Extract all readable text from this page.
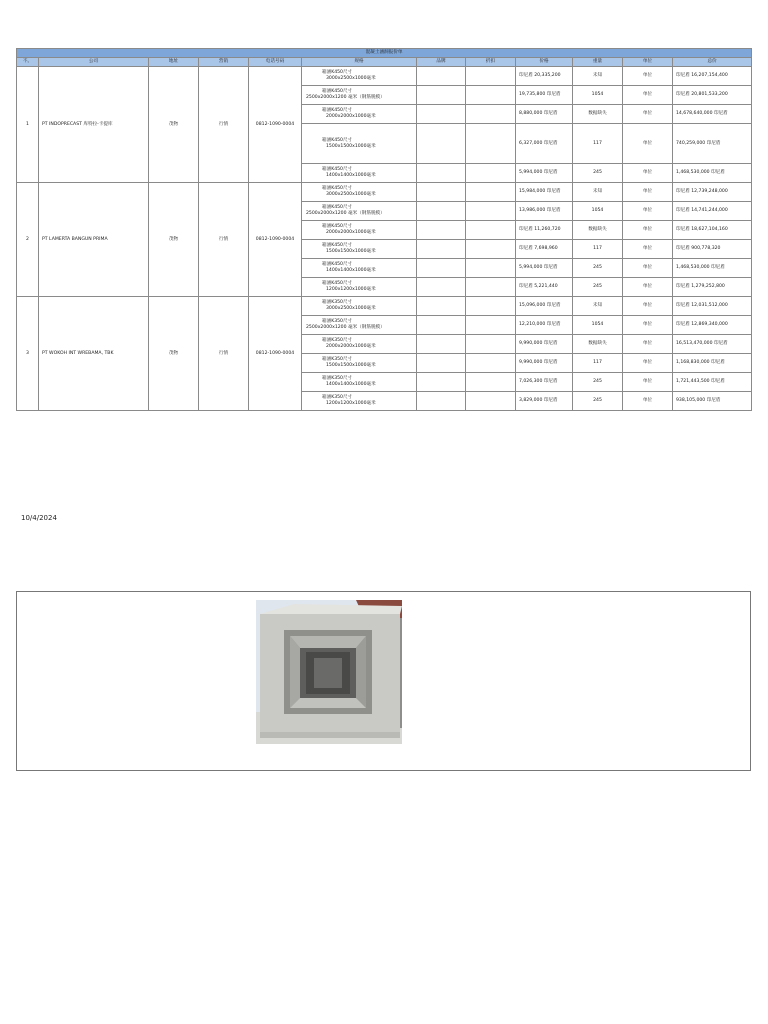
混凝土涵洞报价单											
不。	公司	地址	营销	电话号码	规格	品牌	折扣	价格	重量	单位	总价
1	PT INDOPRECAST 库特拉-卡提库	茂物	行情	0812-1090-0004	箱涵K450尺寸
3000x2500x1000毫米			印尼盾 20,335,200	未知	单位	印尼盾 16,207,154,400

					箱涵K450尺寸
2500x2000x1200 毫米（钢筋脱模）			19,735,800 印尼盾	1054	单位	印尼盾 20,801,533,200

					箱涵K450尺寸
2000x2000x1000毫米			8,880,000 印尼盾	数据缺失	单位	14,678,640,000 印尼盾

					箱涵K450尺寸
1500x1500x1000毫米			6,327,000 印尼盾	117	单位	740,259,000 印尼盾

					箱涵K450尺寸
1400x1400x1000毫米			5,994,000 印尼盾	245	单位	1,468,530,000 印尼盾
2	PT LAMERTA BANGUN PRIMA	茂物	行情	0812-1090-0004	箱涵K450尺寸
3000x2500x1000毫米			15,984,000 印尼盾	未知	单位	印尼盾 12,739,248,000

					箱涵K450尺寸
2500x2000x1200 毫米（钢筋脱模）			13,986,000 印尼盾	1054	单位	印尼盾 14,741,244,000

					箱涵K450尺寸
2000x2000x1000毫米			印尼盾 11,260,720	数据缺失	单位	印尼盾 18,627,104,160

					箱涵K450尺寸
1500x1500x1000毫米			印尼盾 7,698,960	117	单位	印尼盾 900,778,320

					箱涵K450尺寸
1400x1400x1000毫米			5,994,000 印尼盾	245	单位	1,468,530,000 印尼盾

					箱涵K450尺寸
1200x1200x1000毫米			印尼盾 5,221,440	245	单位	印尼盾 1,279,252,800
3	PT WOKOH INT WREBAMA, TBK	茂物	行情	0812-1090-0004	箱涵K350尺寸
3000x2500x1000毫米			15,096,000 印尼盾	未知	单位	印尼盾 12,031,512,000

					箱涵K350尺寸
2500x2000x1200 毫米（钢筋脱模）			12,210,000 印尼盾	1054	单位	印尼盾 12,869,340,000

					箱涵K350尺寸
2000x2000x1000毫米			9,990,000 印尼盾	数据缺失	单位	16,513,470,000 印尼盾

					箱涵K350尺寸
1500x1500x1000毫米			9,990,000 印尼盾	117	单位	1,168,830,000 印尼盾

					箱涵K350尺寸
1400x1400x1000毫米			7,026,300 印尼盾	245	单位	1,721,443,500 印尼盾

					箱涵K350尺寸
1200x1200x1000毫米			3,829,000 印尼盾	245	单位	938,105,000 印尼盾
10/4/2024
